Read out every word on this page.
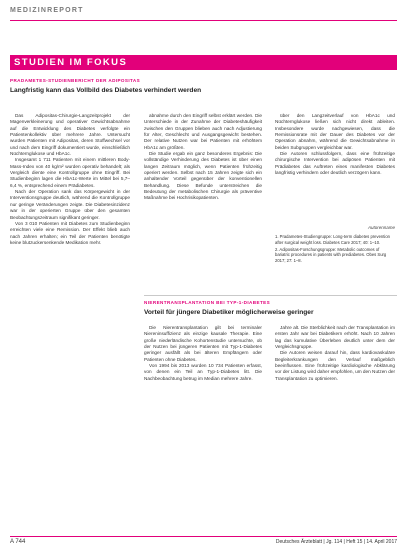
MEDIZINREPORT
STUDIEN IM FOKUS
PRADAMETES-STUDIENBERICHT DER ADIPOSITAS
Langfristig kann das Vollbild des Diabetes verhindert werden

Das Adipositas-Chirurgie-Langzeitprojekt der Magenverkleinerung und operativer Gewichtsabnahme auf die Entwicklung des Diabetes verfolgte ein Patientenkollektiv über mehrere Jahre. Untersucht wurden Patienten mit Adipositas, deren Stoffwechsel vor und nach dem Eingriff dokumentiert wurde, einschließlich Nüchternglukose und HbA1c.

Insgesamt 1 711 Patienten mit einem mittleren Body-Mass-Index von 40 kg/m² wurden operativ behandelt; als Vergleich diente eine Kontrollgruppe ohne Eingriff. Bei Studienbeginn lagen die HbA1c-Werte im Mittel bei 5,7–6,4 %, entsprechend einem Prädiabetes.

Nach der Operation sank das Körpergewicht in der Interventionsgruppe deutlich, während die Kontrollgruppe nur geringe Veränderungen zeigte. Die Diabetesinzidenz war in der operierten Gruppe über den gesamten Beobachtungszeitraum signifikant geringer.

Von 3 010 Patienten mit Diabetes zum Studienbeginn erreichten viele eine Remission. Der Effekt blieb auch nach Jahren erhalten; ein Teil der Patienten benötigte keine blutzuckersenkende Medikation mehr.

abnahme durch den Eingriff selbst erklärt werden. Die Unterschiede in der Zunahme der Diabeteshäufigkeit zwischen den Gruppen blieben auch nach Adjustierung für Alter, Geschlecht und Ausgangsgewicht bestehen. Der relative Nutzen war bei Patienten mit erhöhtem HbA1c am größten.

Die Studie ergab ein ganz besonderes Ergebnis: Die vollständige Verhinderung des Diabetes ist über einen langen Zeitraum möglich, wenn Patienten frühzeitig operiert werden. Selbst nach 15 Jahren zeigte sich ein anhaltender Vorteil gegenüber der konventionellen Behandlung. Diese Befunde unterstreichen die Bedeutung der metabolischen Chirurgie als präventive Maßnahme bei Hochrisikopatienten.

über den Langzeitverlauf von HbA1c und Nüchternglukose ließen sich nicht direkt ableiten. Insbesondere wurde nachgewiesen, dass die Remissionsrate mit der Dauer des Diabetes vor der Operation abnahm, während die Gewichtsabnahme in beiden Subgruppen vergleichbar war.

Die Autoren schlussfolgern, dass eine frühzeitige chirurgische Intervention bei adipösen Patienten mit Prädiabetes das Auftreten eines manifesten Diabetes langfristig verhindern oder deutlich verzögern kann.

Autorenname

1. Pradametes-Studiengruppe: Long-term diabetes prevention after surgical weight loss. Diabetes Care 2017; 40: 1–10.

2. Adipositas-Forschungsgruppe: Metabolic outcomes of bariatric procedures in patients with prediabetes. Obes Surg 2017; 27: 1–8.

NIERENTRANSPLANTATION BEI TYP-1-DIABETES
Vorteil für jüngere Diabetiker möglicherweise geringer

Die Nierentransplantation gilt bei terminaler Niereninsuffizienz als einzige kausale Therapie. Eine große niederländische Kohortenstudie untersuchte, ob der Nutzen bei jüngeren Patienten mit Typ-1-Diabetes geringer ausfällt als bei älteren Empfängern oder Patienten ohne Diabetes.

Von 1994 bis 2013 wurden 10 734 Patienten erfasst, von denen ein Teil an Typ-1-Diabetes litt. Die Nachbeobachtung betrug im Median mehrere Jahre.

Jahre alt. Die Sterblichkeit nach der Transplantation im ersten Jahr war bei Diabetikern erhöht. Nach 10 Jahren lag das kumulative Überleben deutlich unter dem der Vergleichsgruppe.

Die Autoren weisen darauf hin, dass kardiovaskuläre Begleiterkrankungen den Verlauf maßgeblich beeinflussen. Eine frühzeitige kardiologische Abklärung vor der Listung wird daher empfohlen, um den Nutzen der Transplantation zu optimieren.

A 744	Deutsches Ärzteblatt | Jg. 114 | Heft 15 | 14. April 2017
